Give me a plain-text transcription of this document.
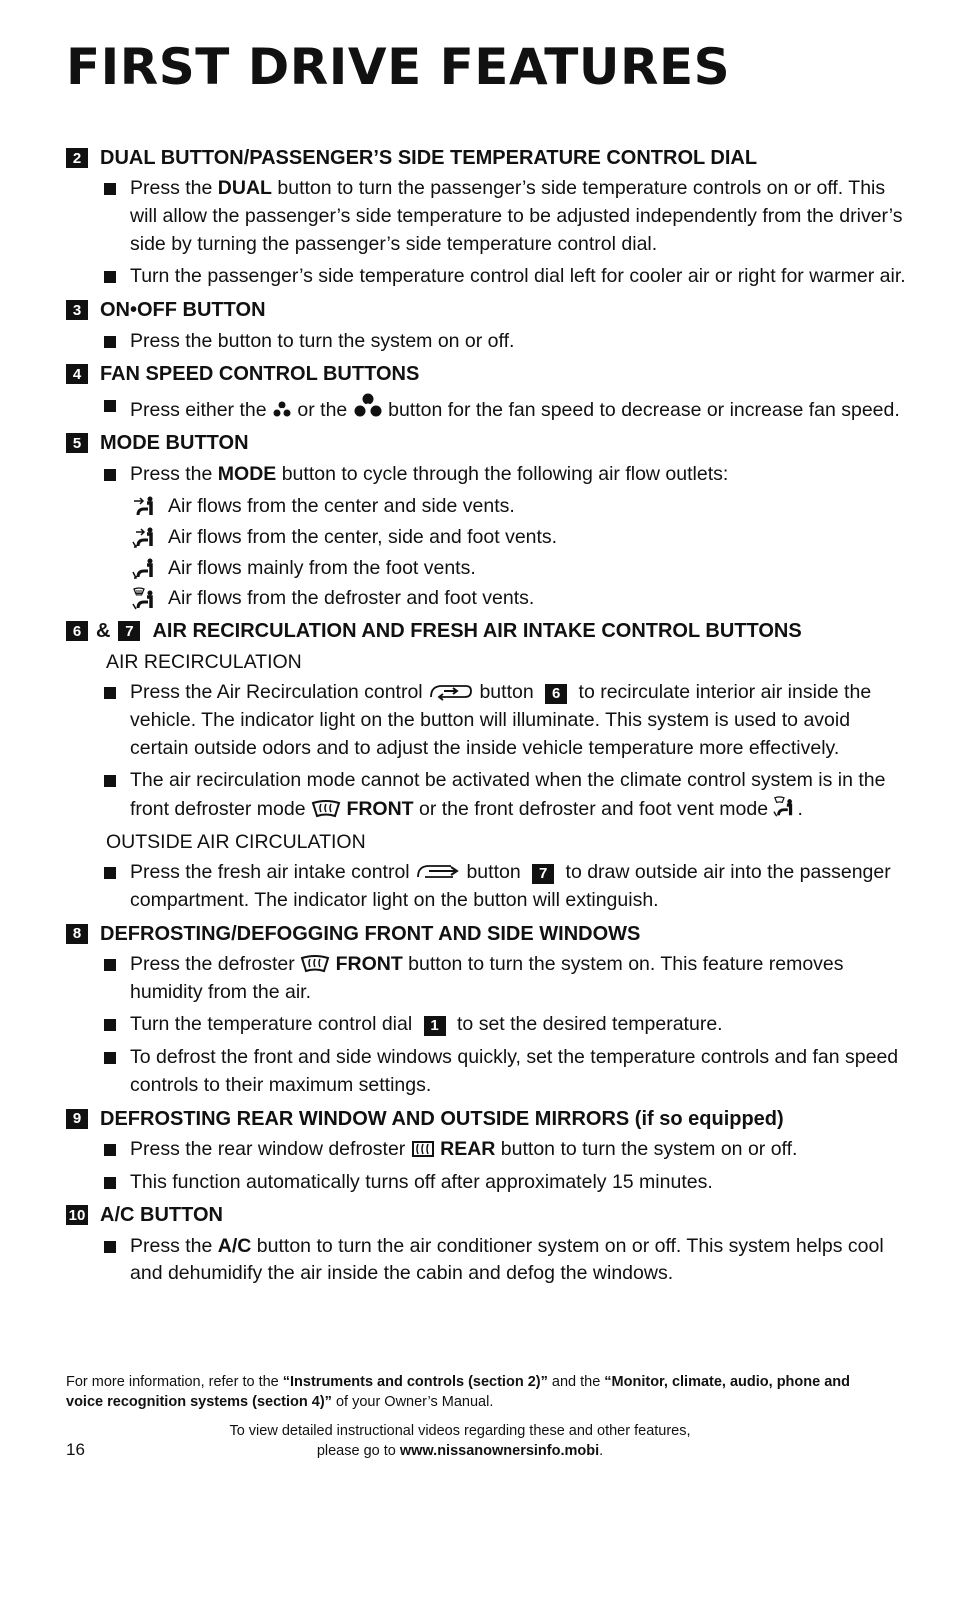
FIRST DRIVE FEATURES
2 DUAL BUTTON/PASSENGER’S SIDE TEMPERATURE CONTROL DIAL
Press the DUAL button to turn the passenger’s side temperature controls on or off. This will allow the passenger’s side temperature to be adjusted independently from the driver’s side by turning the passenger’s side temperature control dial.
Turn the passenger’s side temperature control dial left for cooler air or right for warmer air.
3 ON•OFF BUTTON
Press the button to turn the system on or off.
4 FAN SPEED CONTROL BUTTONS
Press either the  or the  button for the fan speed to decrease or increase fan speed.
5 MODE BUTTON
Press the MODE button to cycle through the following air flow outlets:
Air flows from the center and side vents.
Air flows from the center, side and foot vents.
Air flows mainly from the foot vents.
Air flows from the defroster and foot vents.
6 & 7 AIR RECIRCULATION AND FRESH AIR INTAKE CONTROL BUTTONS
AIR RECIRCULATION
Press the Air Recirculation control  button 6 to recirculate interior air inside the vehicle. The indicator light on the button will illuminate. This system is used to avoid certain outside odors and to adjust the inside vehicle temperature more effectively.
The air recirculation mode cannot be activated when the climate control system is in the front defroster mode  FRONT or the front defroster and foot vent mode .
OUTSIDE AIR CIRCULATION
Press the fresh air intake control  button 7 to draw outside air into the passenger compartment. The indicator light on the button will extinguish.
8 DEFROSTING/DEFOGGING FRONT AND SIDE WINDOWS
Press the defroster  FRONT button to turn the system on. This feature removes humidity from the air.
Turn the temperature control dial 1 to set the desired temperature.
To defrost the front and side windows quickly, set the temperature controls and fan speed controls to their maximum settings.
9 DEFROSTING REAR WINDOW AND OUTSIDE MIRRORS (if so equipped)
Press the rear window defroster  REAR button to turn the system on or off.
This function automatically turns off after approximately 15 minutes.
10 A/C BUTTON
Press the A/C button to turn the air conditioner system on or off. This system helps cool and dehumidify the air inside the cabin and defog the windows.
For more information, refer to the “Instruments and controls (section 2)” and the “Monitor, climate, audio, phone and voice recognition systems (section 4)” of your Owner’s Manual.
To view detailed instructional videos regarding these and other features,
please go to www.nissanownersinfo.mobi.
16
